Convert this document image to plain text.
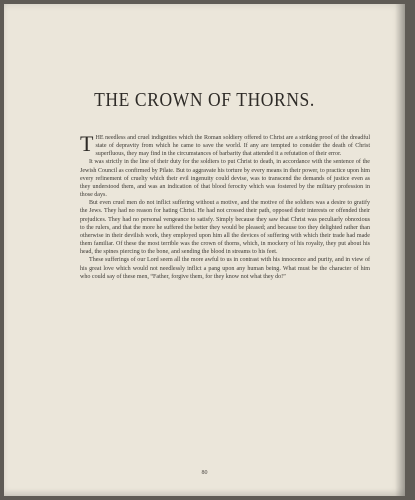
THE CROWN OF THORNS.

THE needless and cruel indignities which the Roman soldiery offered to Christ are a striking proof of the dreadful state of depravity from which he came to save the world. If any are tempted to consider the death of Christ superfluous, they may find in the circumstances of barbarity that attended it a refutation of their error.

It was strictly in the line of their duty for the soldiers to put Christ to death, in accordance with the sentence of the Jewish Council as confirmed by Pilate. But to aggravate his torture by every means in their power, to practice upon him every refinement of cruelty which their evil ingenuity could devise, was to transcend the demands of justice even as they understood them, and was an indication of that blood ferocity which was fostered by the military profession in those days.

But even cruel men do not inflict suffering without a motive, and the motive of the soldiers was a desire to gratify the Jews. They had no reason for hating Christ. He had not crossed their path, opposed their interests or offended their prejudices. They had no personal vengeance to satisfy. Simply because they saw that Christ was peculiarly obnoxious to the rulers, and that the more he suffered the better they would be pleased; and because too they delighted rather than otherwise in their devilish work, they employed upon him all the devices of suffering with which their trade had made them familiar. Of these the most terrible was the crown of thorns, which, in mockery of his royalty, they put about his head, the spines piercing to the bone, and sending the blood in streams to his feet.

These sufferings of our Lord seem all the more awful to us in contrast with his innocence and purity, and in view of his great love which would not needlessly inflict a pang upon any human being. What must be the character of him who could say of these men, “Father, forgive them, for they know not what they do!”

80
